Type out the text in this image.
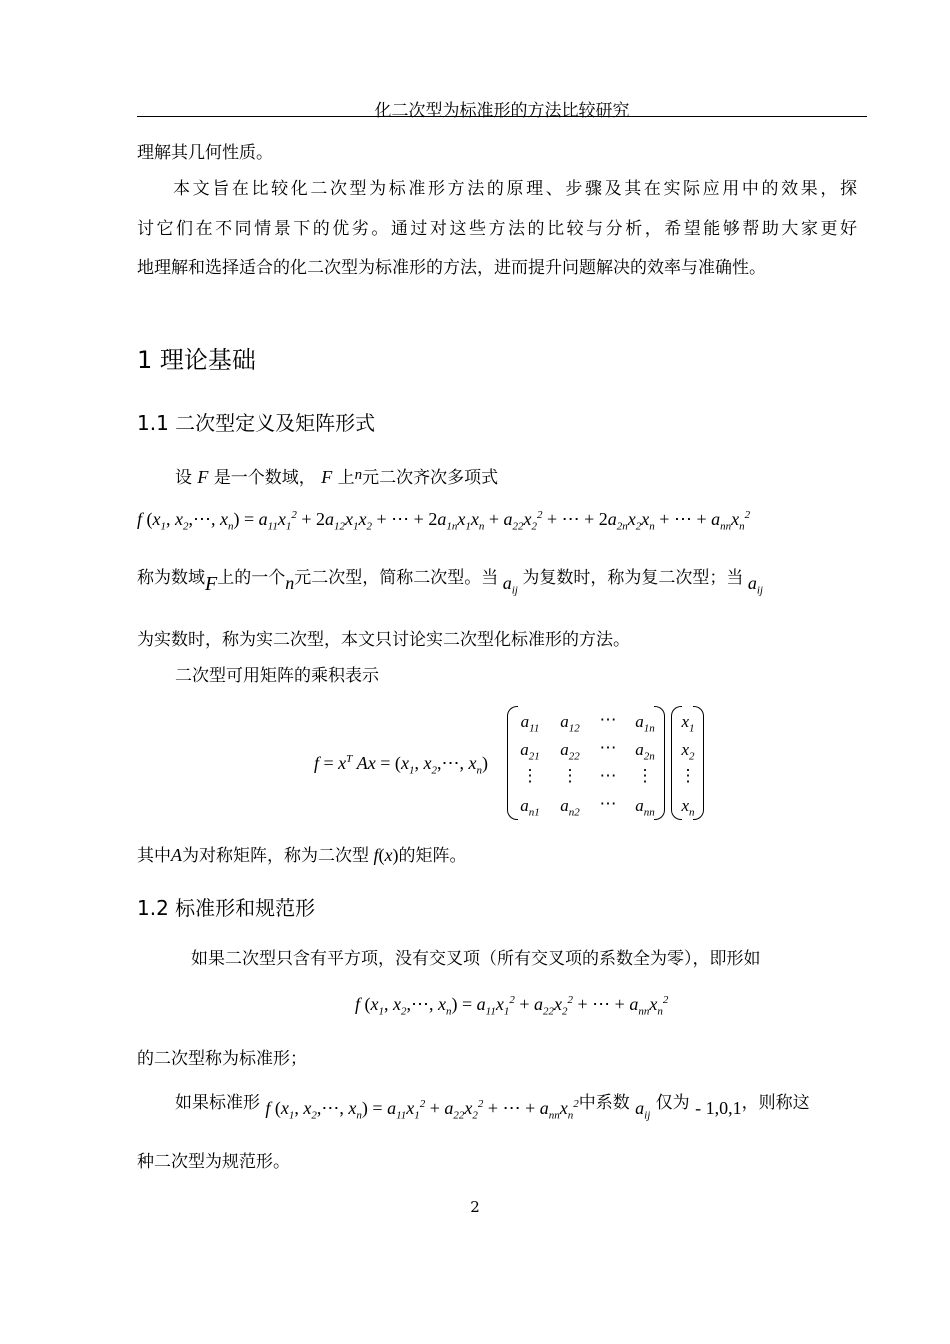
化二次型为标准形的方法比较研究
理解其几何性质。
本文旨在比较化二次型为标准形方法的原理、步骤及其在实际应用中的效果，探
讨它们在不同情景下的优劣。通过对这些方法的比较与分析，希望能够帮助大家更好
地理解和选择适合的化二次型为标准形的方法，进而提升问题解决的效率与准确性。
1 理论基础
1.1 二次型定义及矩阵形式
设 F 是一个数域， F 上n元二次齐次多项式
f ($x_1$, $x_2,\cdots$, $x_n) = a_{11}x_1^2 + 2a_{12}x_1x_2$ + ⋯ + $2a_{1n}x_1x_n + a_{22}x_2^2$ + ⋯ + $2a_{2n}x_2x_n$ + ⋯ + $a_{nn}x_n^2$
称为数域F上的一个n元二次型，简称二次型。当 $a_{ij}$ 为复数时，称为复二次型；当 $a_{ij}$
为实数时，称为实二次型，本文只讨论实二次型化标准形的方法。
二次型可用矩阵的乘积表示
$f = x^T$ $Ax = (x_1$, $x_2,\cdots$, $x_n$)
$a_{11}$	$a_{12}$	⋯	$a_{1n}$
$a_{21}$	$a_{22}$	⋯	$a_{2n}$
⋮	⋮	⋯	⋮
$a_{n1}$	$a_{n2}$	⋯	$a_{nn}$
$x_1$
$x_2$
⋮
$x_n$
其中A为对称矩阵，称为二次型 f(x)的矩阵。
1.2 标准形和规范形
如果二次型只含有平方项，没有交叉项（所有交叉项的系数全为零），即形如
f ($x_1$, $x_2,\cdots$, $x_n) = a_{11}x_1^2 + a_{22}x_2^2$ + ⋯ + $a_{nn}x_n^2$
的二次型称为标准形；
如果标准形 f ($x_1$, $x_2,\cdots$, $x_n) = a_{11}x_1^2 + a_{22}x_2^2$ + ⋯ + $a_{nn}x_n^2$中系数 $a_{ij}$ 仅为 - 1,0,1，则称这
种二次型为规范形。
2
